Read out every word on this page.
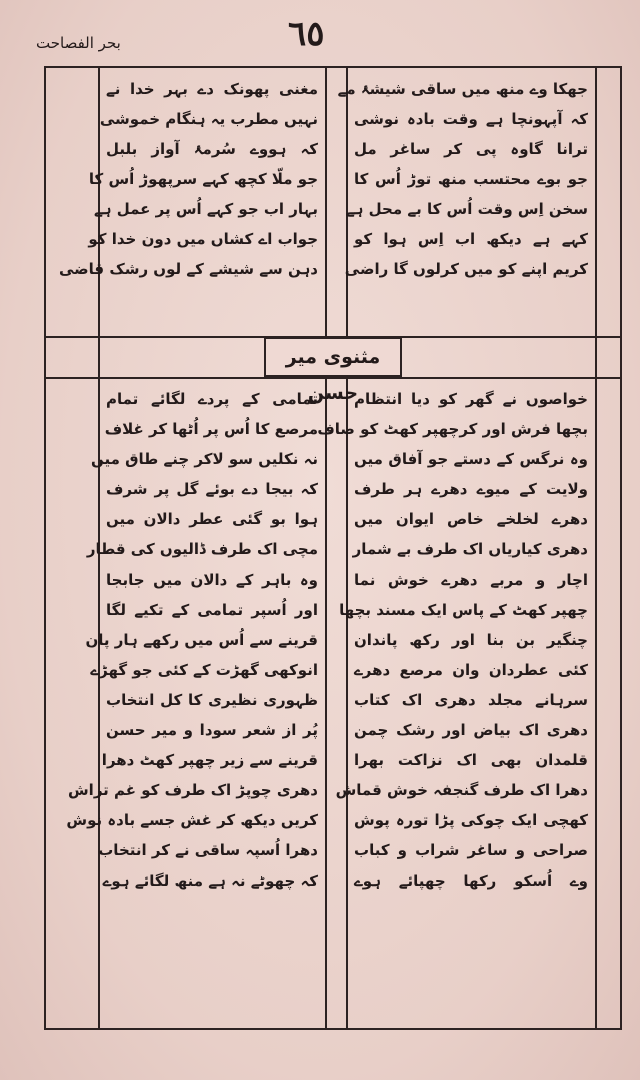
بحر الفصاحت	٦٥
مثنوی میر حسن
جھکا وے منھ میں ساقی شیشۂ مے
کہ آپہونچا ہے وقت بادہ نوشی
ترانا گاوہ پی کر ساغر مل
جو بوے محتسب منھ توڑ اُس کا
سخن اِس وقت اُس کا بے محل ہے
کہے ہے دیکھ اب اِس ہوا کو
کریم اپنے کو میں کرلوں گا راضی
مغنی پھونک دے بہر خدا نے
نہیں مطرب یہ ہنگام خموشی
کہ ہووے سُرمۂ آواز بلبل
جو ملّا کچھ کہے سرپھوڑ اُس کا
بہار اب جو کہے اُس پر عمل ہے
جواب اے کشاں میں دون خدا کو
دہن سے شیشے کے لوں رشک قاضی
خواصوں نے گھر کو دیا انتظام
بچھا فرش اور کرچھپر کھٹ کو صاف
وہ نرگس کے دستے جو آفاق میں
ولایت کے میوے دھرے ہر طرف
دھرے لخلخے خاص ایوان میں
دھری کیاریاں اک طرف بے شمار
اچار و مربے دھرے خوش نما
چھپر کھٹ کے پاس ایک مسند بچھا
چنگیر بن بنا اور رکھ پاندان
کئی عطردان وان مرصع دھرے
سرہانے مجلد دھری اک کتاب
دھری اک بیاض اور رشک چمن
قلمدان بھی اک نزاکت بھرا
دھرا اک طرف گنجفہ خوش قماش
کھچی ایک چوکی پڑا تورہ پوش
صراحی و ساغر شراب و کباب
وے اُسکو رکھا چھپائے ہوے
تمامی کے پردے لگائے تمام
مرصع کا اُس پر اُٹھا کر غلاف
نہ نکلیں سو لاکر چنے طاق میں
کہ بیجا دے بوئے گل پر شرف
ہوا بو گئی عطر دالان میں
مچی اک طرف ڈالیوں کی قطار
وہ باہر کے دالان میں جابجا
اور اُسپر تمامی کے تکیے لگا
قرینے سے اُس میں رکھے ہار پان
انوکھی گھڑت کے کئی جو گھڑے
ظہوری نظیری کا کل انتخاب
پُر از شعر سودا و میر حسن
قرینے سے زیر چھپر کھٹ دھرا
دھری چوپڑ اک طرف کو غم تراش
کریں دیکھ کر غش جسے بادہ نوش
دھرا اُسپہ ساقی نے کر انتخاب
کہ چھوٹے نہ ہے منھ لگائے ہوے
